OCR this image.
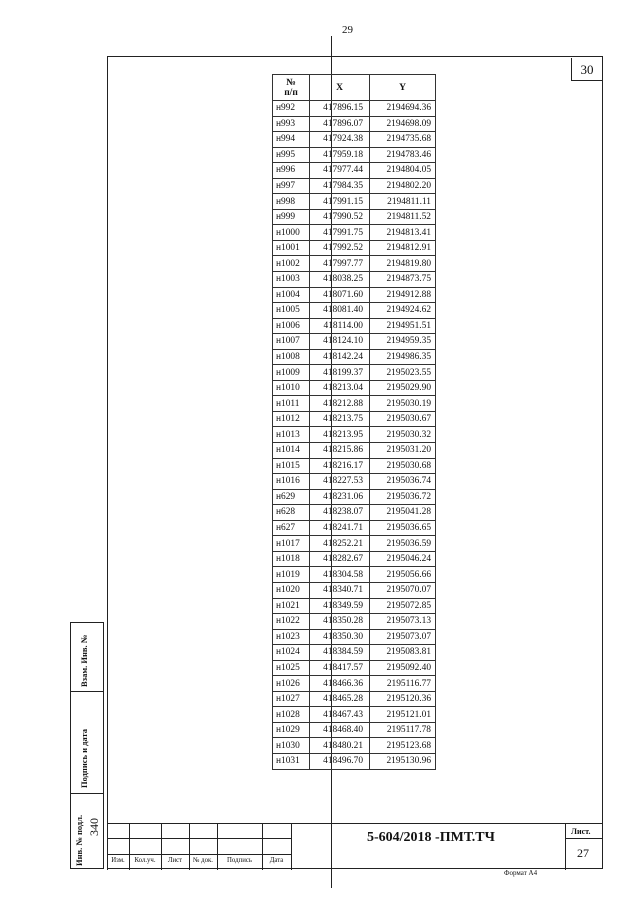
29
30
№
п/п	X	Y
н992	417896.15	2194694.36
н993	417896.07	2194698.09
н994	417924.38	2194735.68
н995	417959.18	2194783.46
н996	417977.44	2194804.05
н997	417984.35	2194802.20
н998	417991.15	2194811.11
н999	417990.52	2194811.52
н1000	417991.75	2194813.41
н1001	417992.52	2194812.91
н1002	417997.77	2194819.80
н1003	418038.25	2194873.75
н1004	418071.60	2194912.88
н1005	418081.40	2194924.62
н1006	418114.00	2194951.51
н1007	418124.10	2194959.35
н1008	418142.24	2194986.35
н1009	418199.37	2195023.55
н1010	418213.04	2195029.90
н1011	418212.88	2195030.19
н1012	418213.75	2195030.67
н1013	418213.95	2195030.32
н1014	418215.86	2195031.20
н1015	418216.17	2195030.68
н1016	418227.53	2195036.74
н629	418231.06	2195036.72
н628	418238.07	2195041.28
н627	418241.71	2195036.65
н1017	418252.21	2195036.59
н1018	418282.67	2195046.24
н1019	418304.58	2195056.66
н1020	418340.71	2195070.07
н1021	418349.59	2195072.85
н1022	418350.28	2195073.13
н1023	418350.30	2195073.07
н1024	418384.59	2195083.81
н1025	418417.57	2195092.40
н1026	418466.36	2195116.77
н1027	418465.28	2195120.36
н1028	418467.43	2195121.01
н1029	418468.40	2195117.78
н1030	418480.21	2195123.68
н1031	418496.70	2195130.96
Взам. Инв. №
Подпись и дата
Инв. № подл. 340
Изм.	Кол.уч.	Лист	№ док.	Подпись	Дата
5-604/2018 -ПМТ.ТЧ	Лист.
27
Формат А4
